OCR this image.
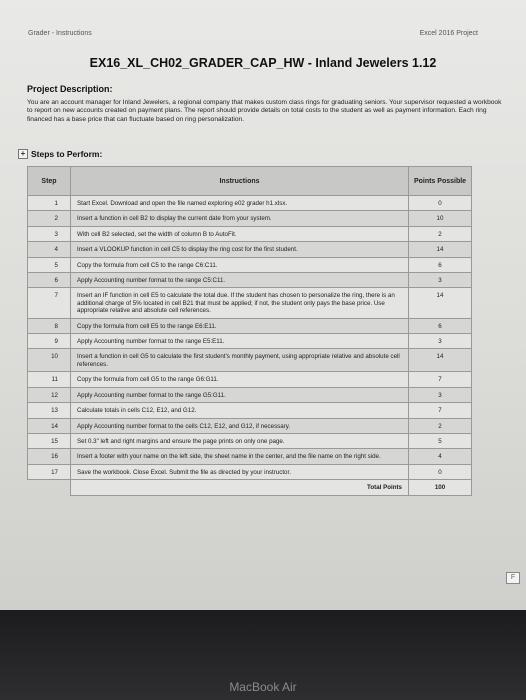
Grader - Instructions	Excel 2016 Project
EX16_XL_CH02_GRADER_CAP_HW - Inland Jewelers 1.12
Project Description:
You are an account manager for Inland Jewelers, a regional company that makes custom class rings for graduating seniors. Your supervisor requested a workbook to report on new accounts created on payment plans. The report should provide details on total costs to the student as well as payment information. Each ring financed has a base price that can fluctuate based on ring personalization.
+ Steps to Perform:
Step	Instructions	Points Possible
1	Start Excel. Download and open the file named exploring e02 grader h1.xlsx.	0
2	Insert a function in cell B2 to display the current date from your system.	10
3	With cell B2 selected, set the width of column B to AutoFit.	2
4	Insert a VLOOKUP function in cell C5 to display the ring cost for the first student.	14
5	Copy the formula from cell C5 to the range C6:C11.	6
6	Apply Accounting number format to the range C5:C11.	3
7	Insert an IF function in cell E5 to calculate the total due. If the student has chosen to personalize the ring, there is an additional charge of 5% located in cell B21 that must be applied; if not, the student only pays the base price. Use appropriate relative and absolute cell references.	14
8	Copy the formula from cell E5 to the range E6:E11.	6
9	Apply Accounting number format to the range E5:E11.	3
10	Insert a function in cell G5 to calculate the first student's monthly payment, using appropriate relative and absolute cell references.	14
11	Copy the formula from cell G5 to the range G6:G11.	7
12	Apply Accounting number format to the range G5:G11.	3
13	Calculate totals in cells C12, E12, and G12.	7
14	Apply Accounting number format to the cells C12, E12, and G12, if necessary.	2
15	Set 0.3" left and right margins and ensure the page prints on only one page.	5
16	Insert a footer with your name on the left side, the sheet name in the center, and the file name on the right side.	4
17	Save the workbook. Close Excel. Submit the file as directed by your instructor.	0
	Total Points	100
F
MacBook Air
